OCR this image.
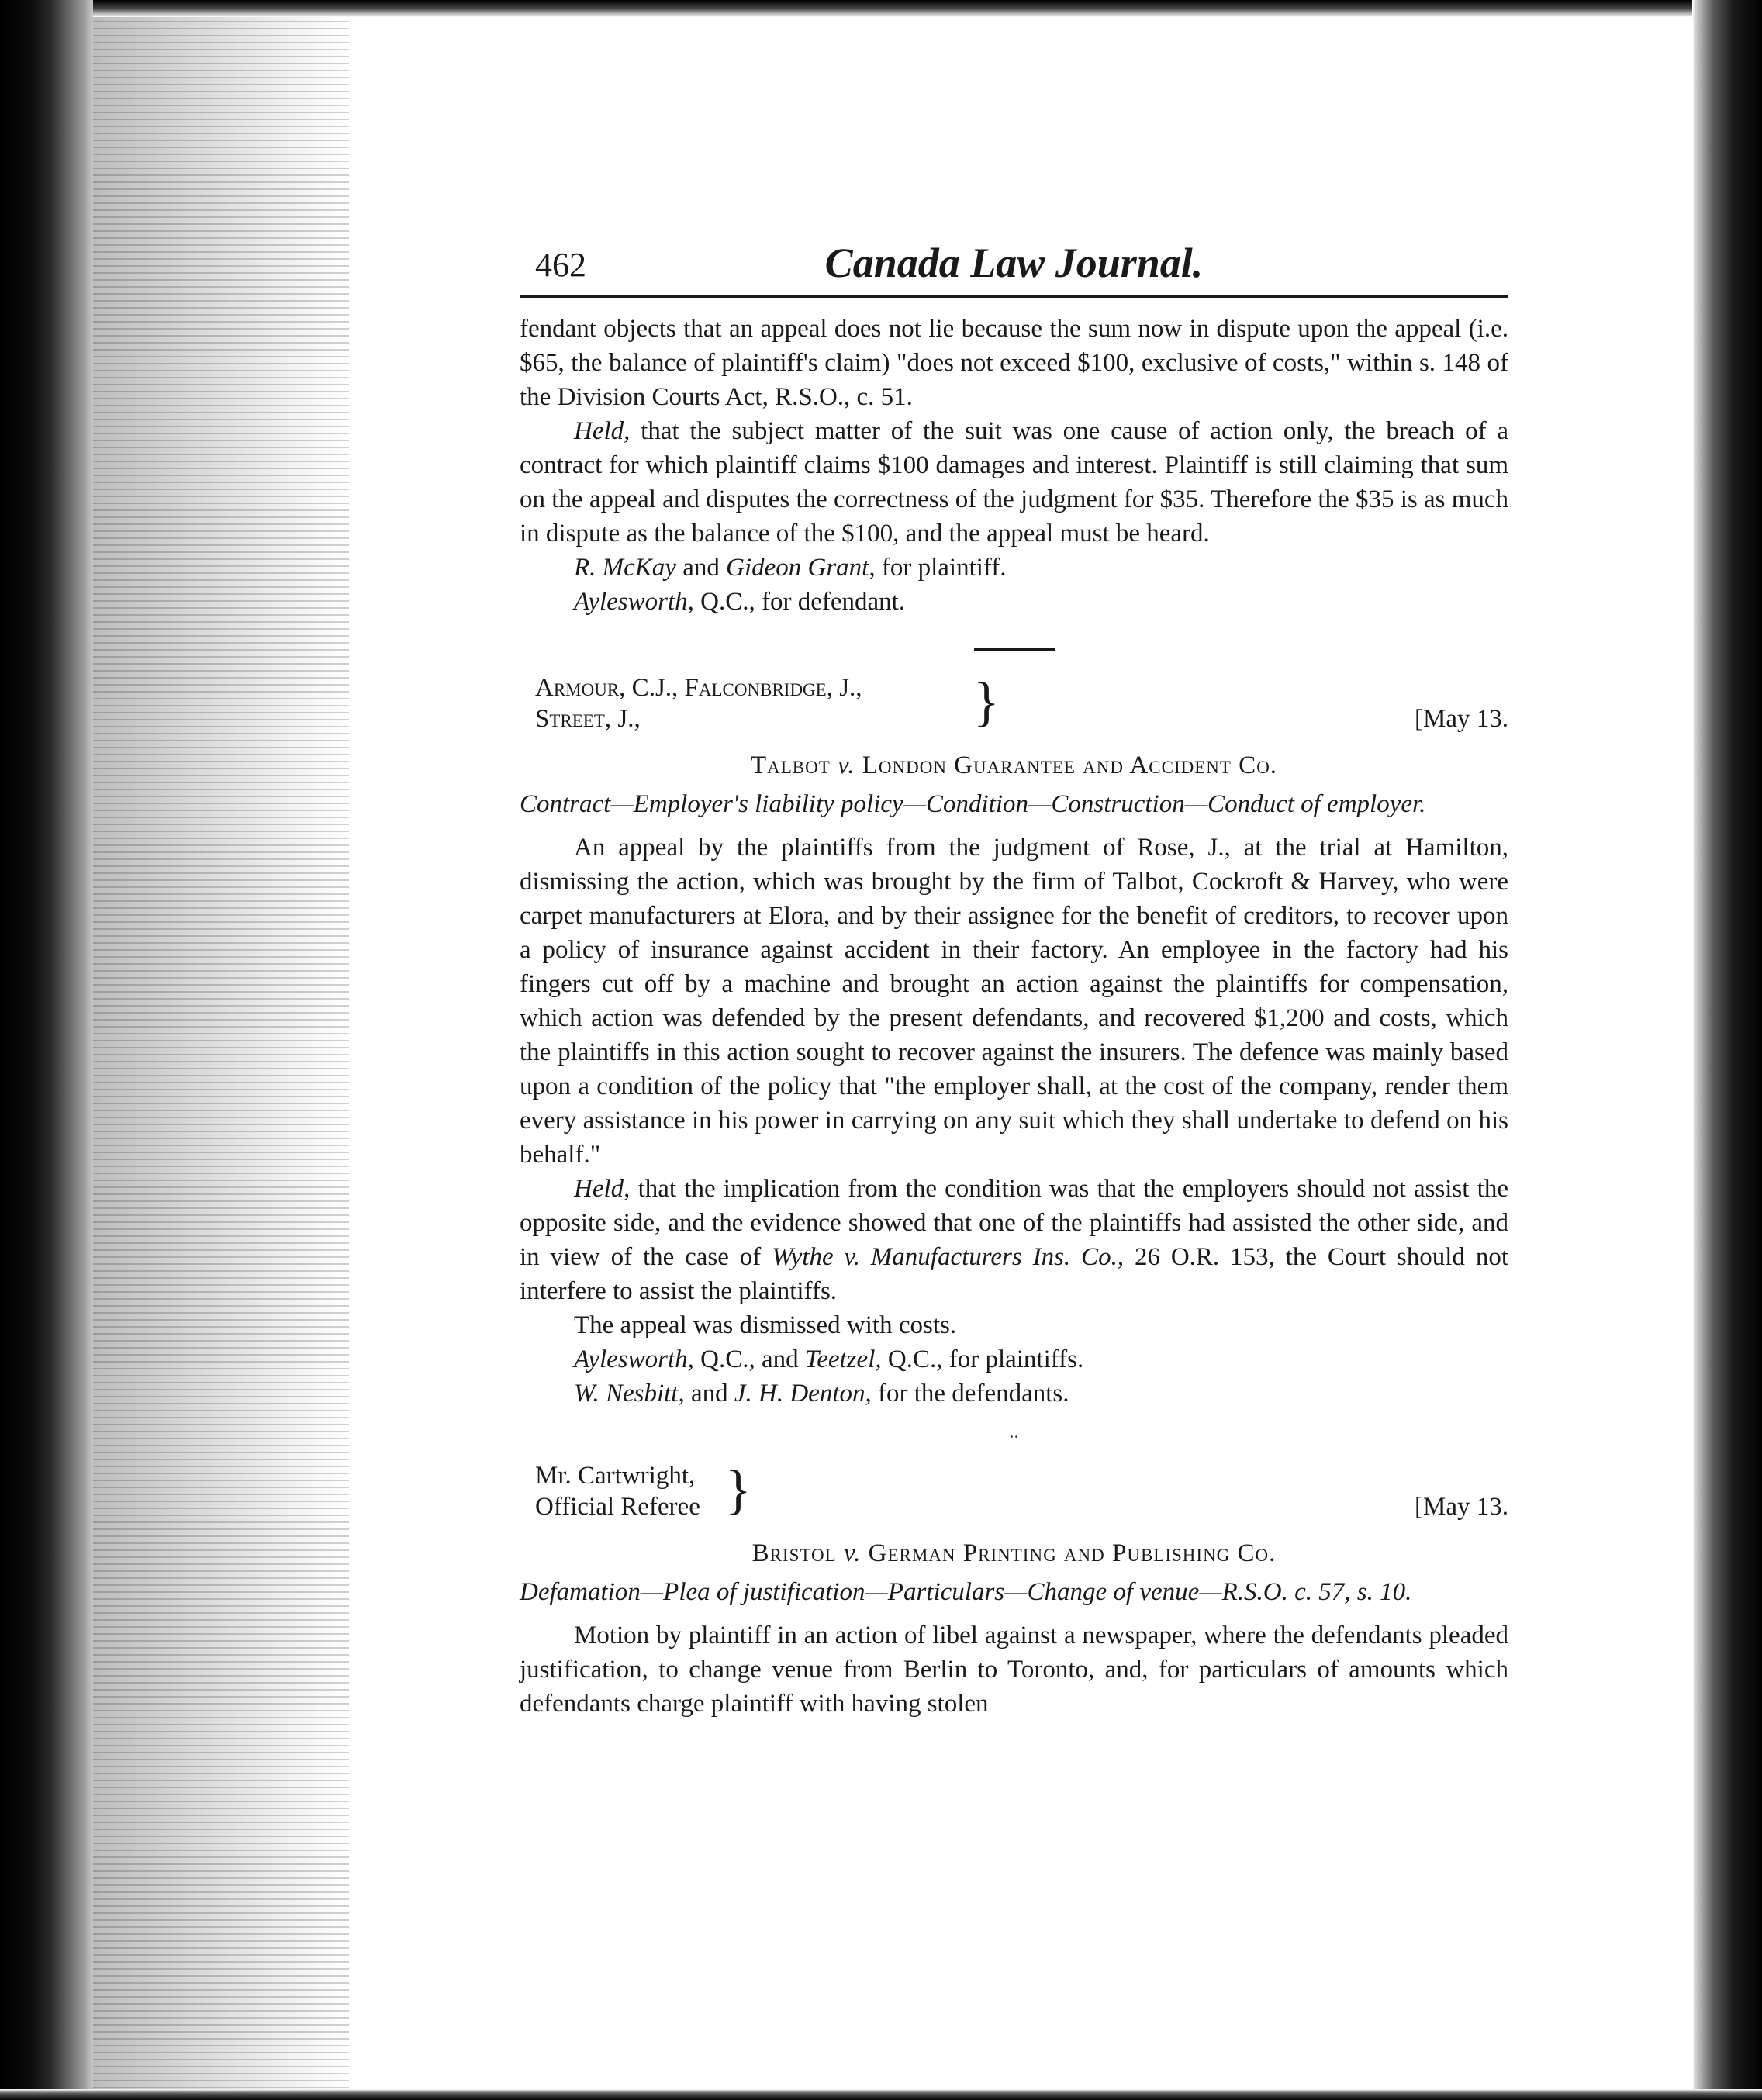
462	Canada Law Journal.

fendant objects that an appeal does not lie because the sum now in dispute upon the appeal (i.e. $65, the balance of plaintiff's claim) "does not exceed $100, exclusive of costs," within s. 148 of the Division Courts Act, R.S.O., c. 51.

Held, that the subject matter of the suit was one cause of action only, the breach of a contract for which plaintiff claims $100 damages and interest. Plaintiff is still claiming that sum on the appeal and disputes the correctness of the judgment for $35. Therefore the $35 is as much in dispute as the balance of the $100, and the appeal must be heard.

R. McKay and Gideon Grant, for plaintiff.

Aylesworth, Q.C., for defendant.

Armour, C.J., Falconbridge, J.,
Street, J.,	}	[May 13.
Talbot v. London Guarantee and Accident Co.

Contract—Employer's liability policy—Condition—Construction—Conduct of employer.

An appeal by the plaintiffs from the judgment of Rose, J., at the trial at Hamilton, dismissing the action, which was brought by the firm of Talbot, Cockroft & Harvey, who were carpet manufacturers at Elora, and by their assignee for the benefit of creditors, to recover upon a policy of insurance against accident in their factory. An employee in the factory had his fingers cut off by a machine and brought an action against the plaintiffs for compensation, which action was defended by the present defendants, and recovered $1,200 and costs, which the plaintiffs in this action sought to recover against the insurers. The defence was mainly based upon a condition of the policy that "the employer shall, at the cost of the company, render them every assistance in his power in carrying on any suit which they shall undertake to defend on his behalf."

Held, that the implication from the condition was that the employers should not assist the opposite side, and the evidence showed that one of the plaintiffs had assisted the other side, and in view of the case of Wythe v. Manufacturers Ins. Co., 26 O.R. 153, the Court should not interfere to assist the plaintiffs.

The appeal was dismissed with costs.

Aylesworth, Q.C., and Teetzel, Q.C., for plaintiffs.

W. Nesbitt, and J. H. Denton, for the defendants.

..
Mr. Cartwright,
Official Referee }	[May 13.
Bristol v. German Printing and Publishing Co.

Defamation—Plea of justification—Particulars—Change of venue—R.S.O. c. 57, s. 10.

Motion by plaintiff in an action of libel against a newspaper, where the defendants pleaded justification, to change venue from Berlin to Toronto, and, for particulars of amounts which defendants charge plaintiff with having stolen
